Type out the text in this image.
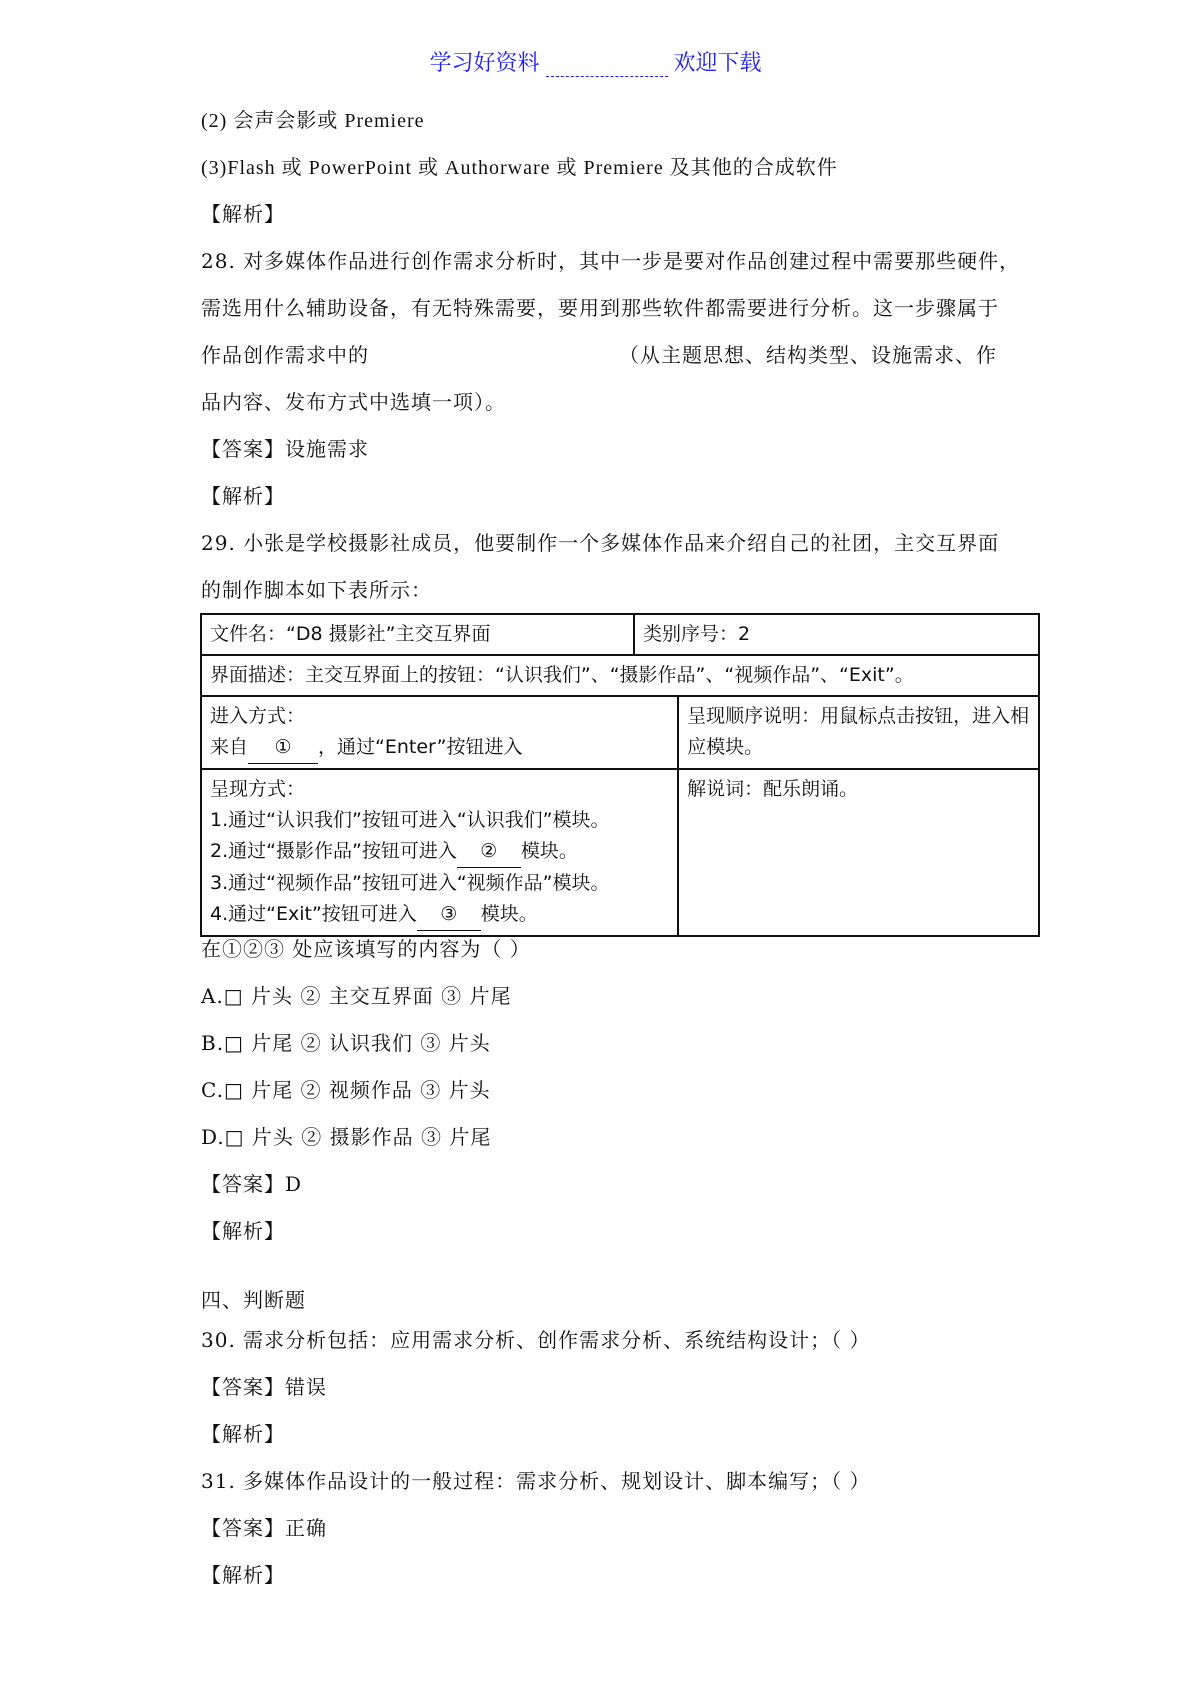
学习好资料	欢迎下载
(2) 会声会影或 Premiere
(3)Flash 或 PowerPoint 或 Authorware 或 Premiere 及其他的合成软件
【解析】
28. 对多媒体作品进行创作需求分析时，其中一步是要对作品创建过程中需要那些硬件，
需选用什么辅助设备，有无特殊需要，要用到那些软件都需要进行分析。这一步骤属于
作品创作需求中的	（从主题思想、结构类型、设施需求、作
品内容、发布方式中选填一项）。
【答案】设施需求
【解析】
29. 小张是学校摄影社成员，他要制作一个多媒体作品来介绍自己的社团，主交互界面
的制作脚本如下表所示：
文件名：“D8 摄影社”主交互界面	类别序号：2	
界面描述：主交互界面上的按钮：“认识我们”、“摄影作品”、“视频作品”、“Exit”。		

进入方式：
来自 ① ，通过“Enter”按钮进入		呈现顺序说明：用鼠标点击按钮，进入相应模块。

呈现方式：
1.通过“认识我们”按钮可进入“认识我们”模块。
2.通过“摄影作品”按钮可进入 ② 模块。
3.通过“视频作品”按钮可进入“视频作品”模块。
4.通过“Exit”按钮可进入 ③ 模块。		解说词：配乐朗诵。
在①②③ 处应该填写的内容为（ ）
A.□ 片头 ② 主交互界面 ③ 片尾
B.□ 片尾 ② 认识我们 ③ 片头
C.□ 片尾 ② 视频作品 ③ 片头
D.□ 片头 ② 摄影作品 ③ 片尾
【答案】D
【解析】
四、判断题
30. 需求分析包括：应用需求分析、创作需求分析、系统结构设计；（ ）
【答案】错误
【解析】
31. 多媒体作品设计的一般过程：需求分析、规划设计、脚本编写；（ ）
【答案】正确
【解析】
